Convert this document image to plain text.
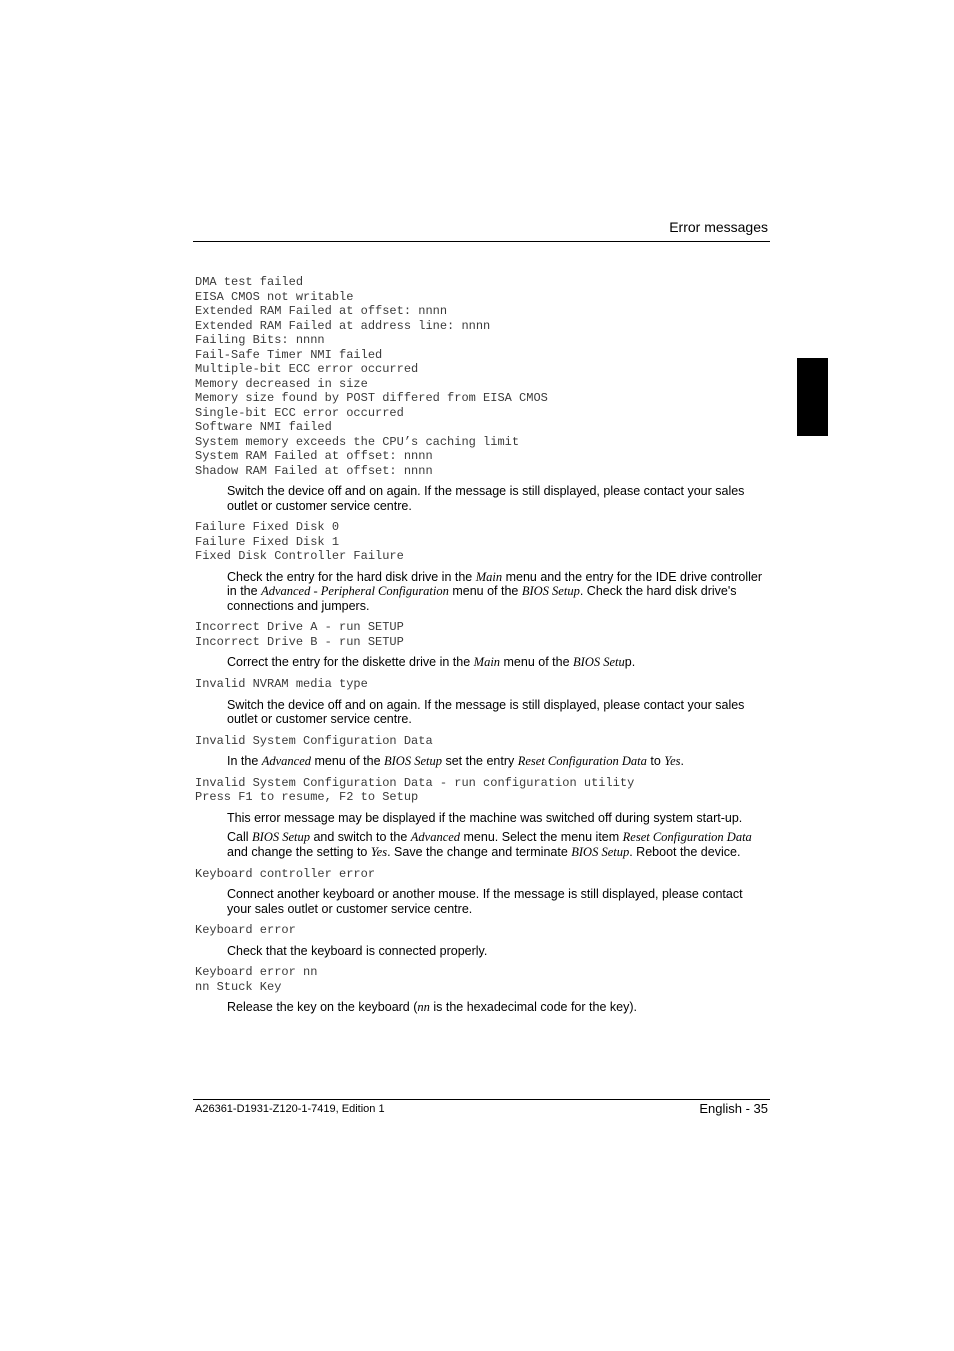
Error messages
DMA test failed
EISA CMOS not writable
Extended RAM Failed at offset: nnnn
Extended RAM Failed at address line: nnnn
Failing Bits: nnnn
Fail-Safe Timer NMI failed
Multiple-bit ECC error occurred
Memory decreased in size
Memory size found by POST differed from EISA CMOS
Single-bit ECC error occurred
Software NMI failed
System memory exceeds the CPU’s caching limit
System RAM Failed at offset: nnnn
Shadow RAM Failed at offset: nnnn

Switch the device off and on again. If the message is still displayed, please contact your sales outlet or customer service centre.

Failure Fixed Disk 0
Failure Fixed Disk 1
Fixed Disk Controller Failure

Check the entry for the hard disk drive in the Main menu and the entry for the IDE drive controller in the Advanced - Peripheral Configuration menu of the BIOS Setup. Check the hard disk drive's connections and jumpers.

Incorrect Drive A - run SETUP
Incorrect Drive B - run SETUP

Correct the entry for the diskette drive in the Main menu of the BIOS Setup.

Invalid NVRAM media type

Switch the device off and on again. If the message is still displayed, please contact your sales outlet or customer service centre.

Invalid System Configuration Data

In the Advanced menu of the BIOS Setup set the entry Reset Configuration Data to Yes.

Invalid System Configuration Data - run configuration utility
Press F1 to resume, F2 to Setup

This error message may be displayed if the machine was switched off during system start-up.

Call BIOS Setup and switch to the Advanced menu. Select the menu item Reset Configuration Data and change the setting to Yes. Save the change and terminate BIOS Setup. Reboot the device.

Keyboard controller error

Connect another keyboard or another mouse. If the message is still displayed, please contact your sales outlet or customer service centre.

Keyboard error

Check that the keyboard is connected properly.

Keyboard error nn
nn Stuck Key

Release the key on the keyboard (nn is the hexadecimal code for the key).

A26361-D1931-Z120-1-7419, Edition 1	English - 35
